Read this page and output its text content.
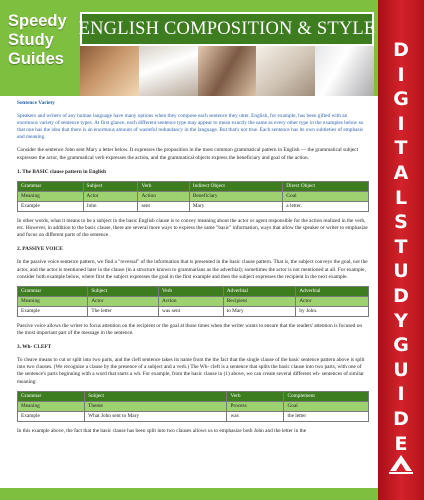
Speedy
Study
Guides
ENGLISH COMPOSITION & STYLE
D
I
G
I
T
A
L
S
T
U
D
Y
G
U
I
D
E
Sentence Variety
Speakers and writers of any human language have many options when they compose each sentence they utter. English, for example, has been gifted with an enormous variety of sentence types. At first glance, each different sentence type may appear to mean exactly the same as every other type in the examples below so that one has the idea that there is an enormous amount of wasteful redundancy in the language. But that's not true. Each sentence has its own subtleties of emphasis and meaning.
Consider the sentence John sent Mary a letter below. It expresses the proposition in the most common grammatical pattern in English — the grammatical subject expresses the actor, the grammatical verb expresses the action, and the grammatical objects express the beneficiary and goal of the action.
1. The BASIC clause pattern in English
Grammar	Subject	Verb	Indirect Object	Direct Object
Meaning	Actor	Action	Beneficiary	Goal
Example	John	sent	Mary	a letter.
In other words, what it means to be a subject in the basic English clause is to convey meaning about the actor or agent responsible for the action realized in the verb, etc. However, in addition to the basic clause, there are several more ways to express the same "basic" information, ways that allow the speaker or writer to emphasize and focus on different parts of the sentence.
2. PASSIVE VOICE
In the passive voice sentence pattern, we find a "reversal" of the information that is presented in the basic clause pattern. That is, the subject conveys the goal, not the actor, and the actor is mentioned later in the clause (in a structure known to grammarians as the adverbial); sometimes the actor is not mentioned at all. For example, consider both example below, where first the subject expresses the goal in the first example and then the subject expresses the recipient in the next example.
Grammar	Subject	Verb	Adverbial	Adverbial
Meaning	Actor	Action	Recipient	Actor
Example	The letter	was sent	to Mary	by John.
Passive voice allows the writer to focus attention on the recipient or the goal at those times when the writer wants to ensure that the readers' attention is focused on the most important part of the message in the sentence.
3. Wh- CLEFT
To cleave means to cut or split into two parts, and the cleft sentence takes its name from the the fact that the single clause of the basic sentence pattern above is split into two clauses. (We recognize a clause by the presence of a subject and a verb.) The Wh- cleft is a sentence that splits the basic clause into two parts, with one of the sentence's parts beginning with a word that starts a wh. For example, from the basic clause in (1) above, we can create several different wh- sentences of similar meaning:
Grammar	Subject	Verb	Complement
Meaning	Theme	Process	Goal
Example	What John sent to Mary	was	the letter
In this example above, the fact that the basic clause has been split into two clauses allows us to emphasize both John and the letter in the
